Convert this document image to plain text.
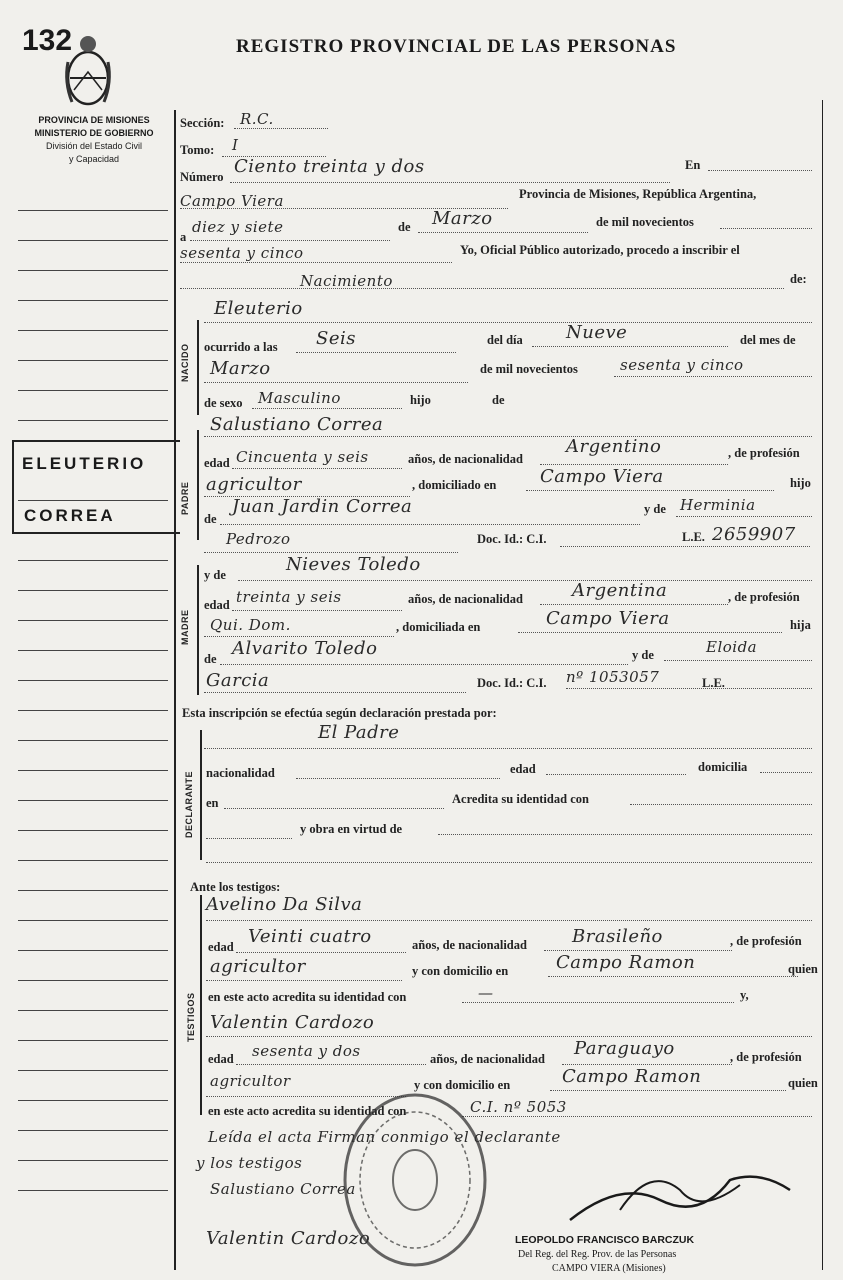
132	REGISTRO PROVINCIAL DE LAS PERSONAS
PROVINCIA DE MISIONES
MINISTERIO DE GOBIERNO
División del Estado Civil
y Capacidad
ELEUTERIO
CORREA
NACIDO
PADRE
MADRE
DECLARANTE
TESTIGOS
Sección: R.C.
Tomo: I
Número Ciento treinta y dos	En
Campo Viera	Provincia de Misiones, República Argentina,
a
diez y siete	de Marzo	de mil novecientos
sesenta y cinco	Yo, Oficial Público autorizado, procedo a inscribir el
Nacimiento	de:
Eleuterio
ocurrido a las Seis	del día Nueve	del mes de
Marzo	de mil novecientos	sesenta y cinco
de sexo Masculino	hijo	de
Salustiano Correa
edad Cincuenta y seis	años, de nacionalidad
Argentino	, de profesión
agricultor	, domiciliado en Campo Viera	hijo
de
Juan Jardin Correa	y de Herminia
Pedrozo	Doc. Id.: C.I.	L.E. 2659907
y de	Nieves Toledo
edad treinta y seis	años, de nacionalidad	Argentina	, de profesión
Qui. Dom.	, domiciliada en	Campo Viera	hija
de Alvarito Toledo	y de	Eloida
Garcia	Doc. Id.: C.I. nº 1053057	L.E.
Esta inscripción se efectúa según declaración prestada por:
El Padre
nacionalidad	edad	domicilia
en	Acredita su identidad con
y obra en virtud de
Ante los testigos:
Avelino Da Silva
edad Veinti cuatro	años, de nacionalidad	Brasileño	, de profesión
agricultor	y con domicilio en	Campo Ramon	quien
en este acto acredita su identidad con	—	y,
Valentin Cardozo
edad sesenta y dos	años, de nacionalidad Paraguayo	, de profesión
agricultor	y con domicilio en	Campo Ramon	quien
en este acto acredita su identidad con	C.I. nº 5053
Leída el acta Firman conmigo el declarante
y los testigos
Salustiano Correa
Valentin Cardozo	LEOPOLDO FRANCISCO BARCZUK
Del Reg. del Reg. Prov. de las Personas
CAMPO VIERA (Misiones)
